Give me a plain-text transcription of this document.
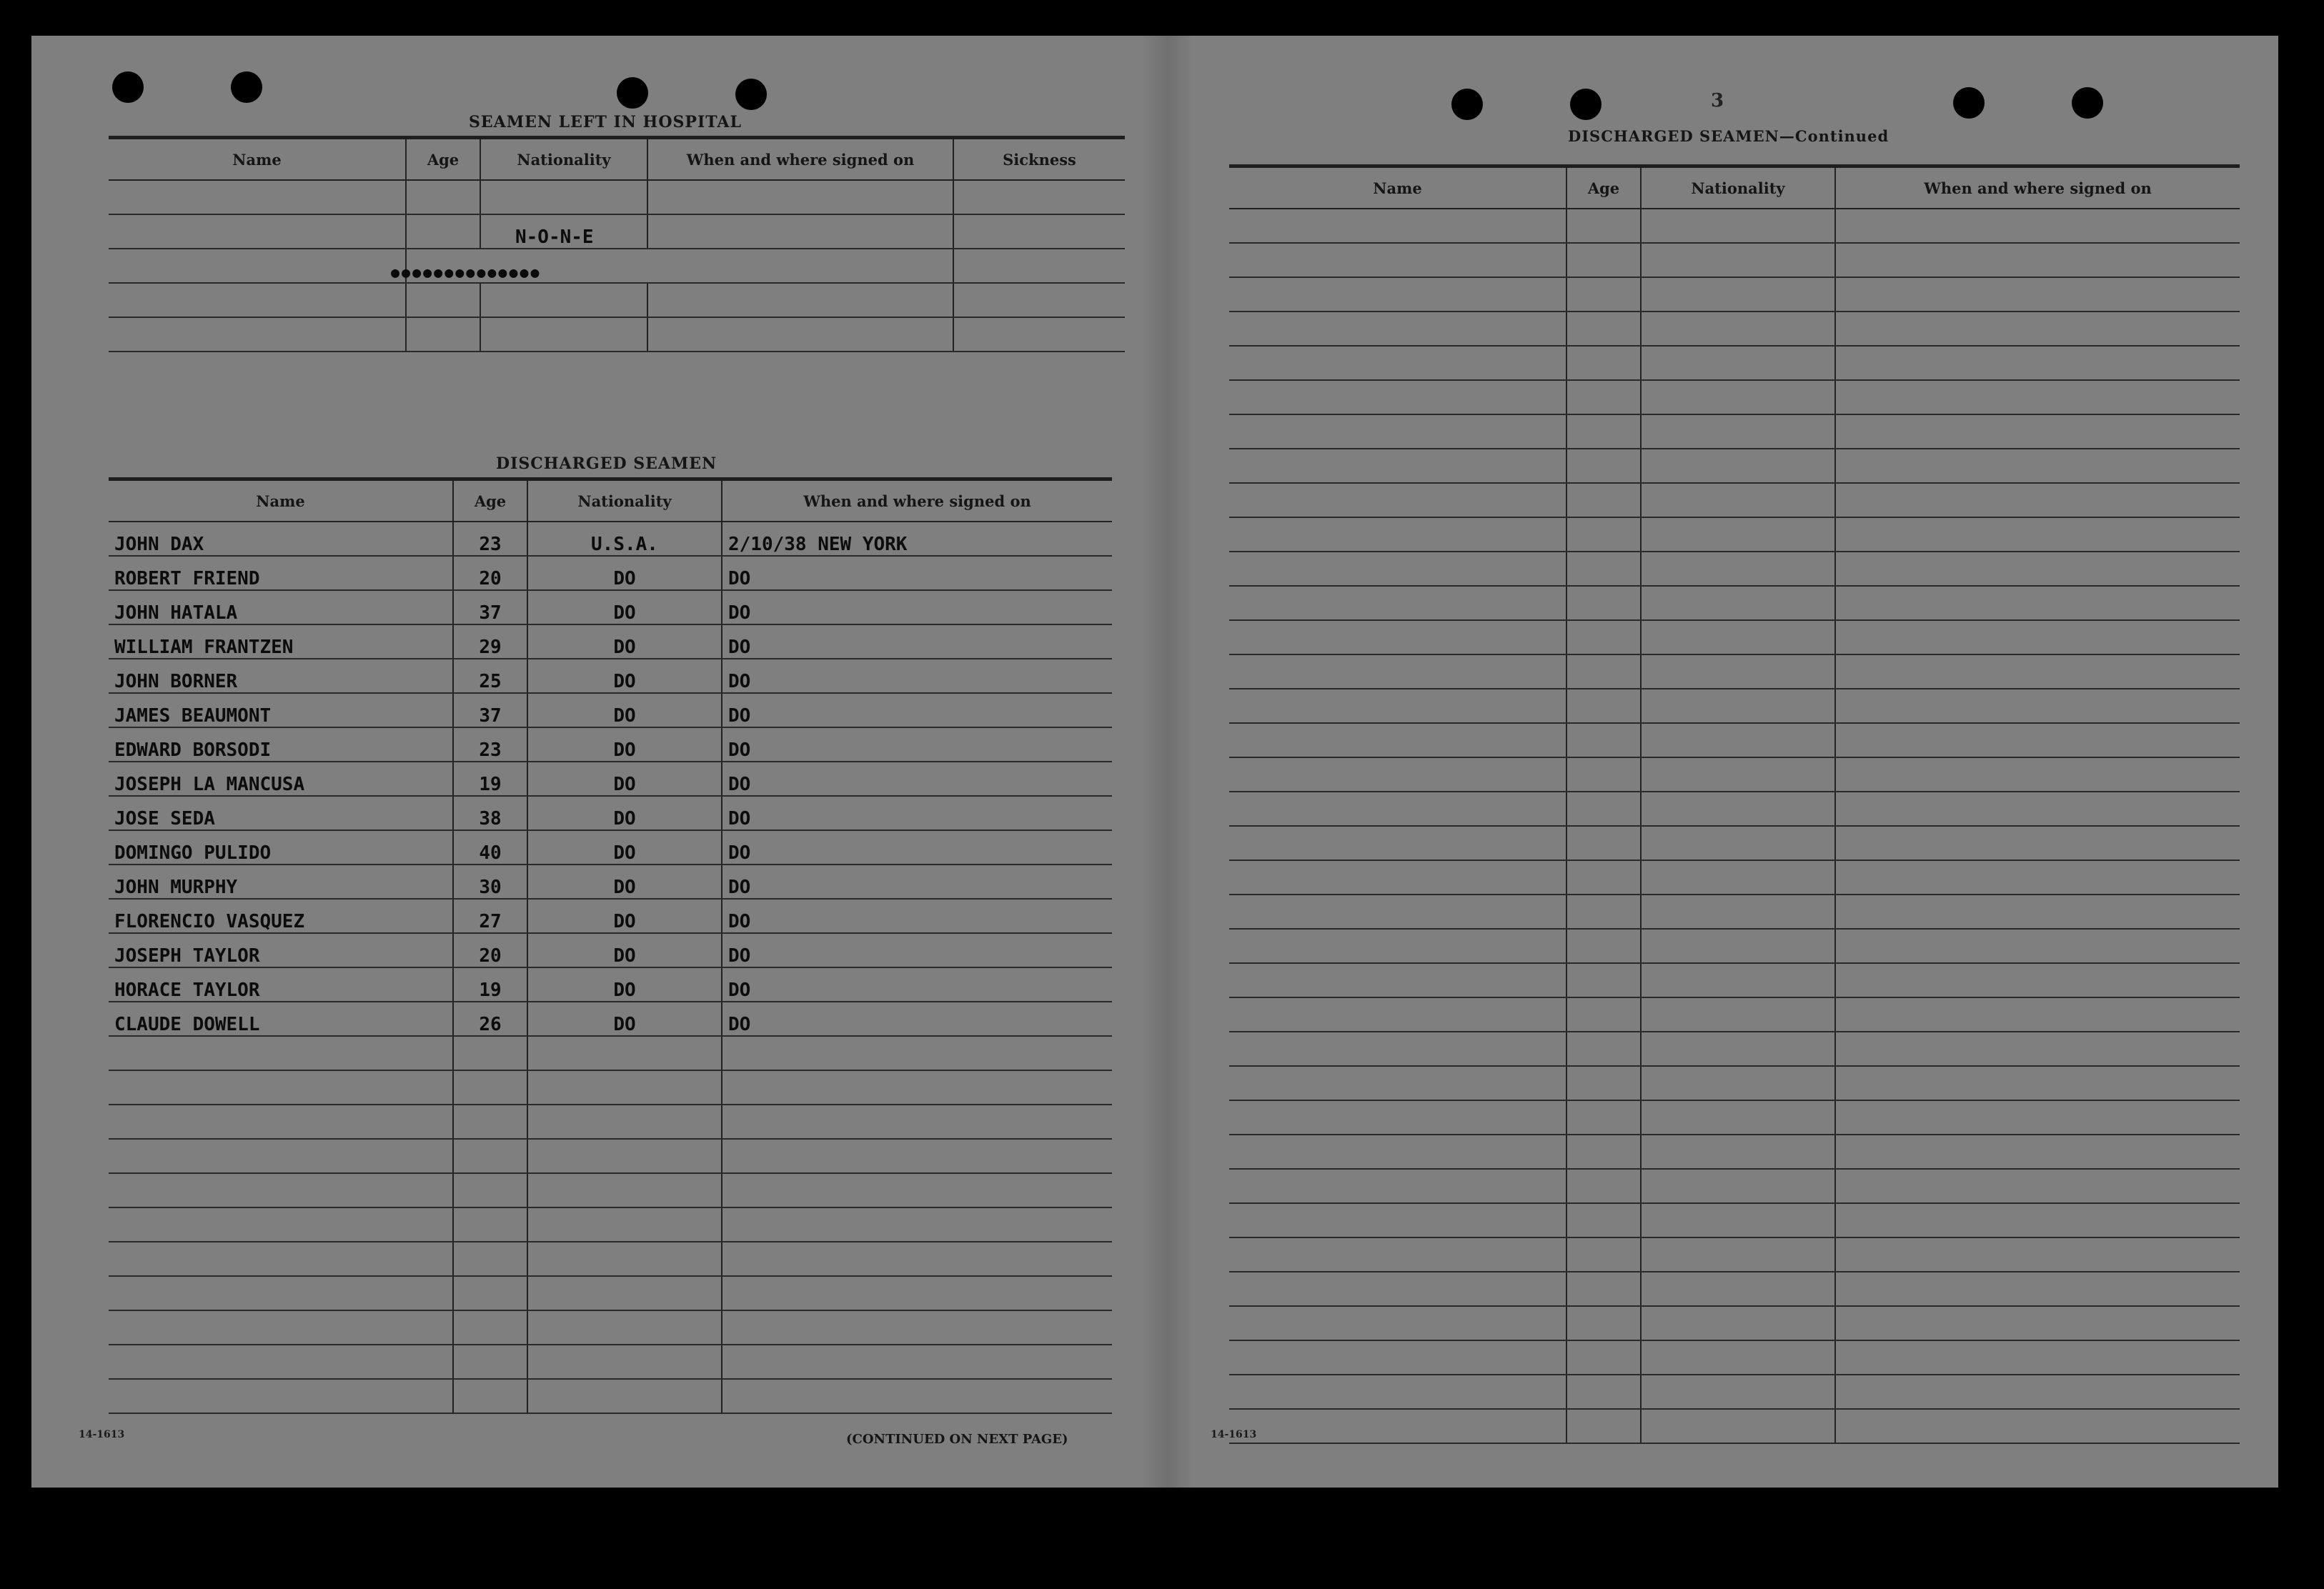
SEAMEN LEFT IN HOSPITAL
Name	Age	Nationality	When and where signed on	Sickness

		N-O-N-E		
	●●●●●●●●●●●●●●			

DISCHARGED SEAMEN
Name	Age	Nationality	When and where signed on
JOHN DAX	23	U.S.A.	2/10/38 NEW YORK
ROBERT FRIEND	20	DO	DO
JOHN HATALA	37	DO	DO
WILLIAM FRANTZEN	29	DO	DO
JOHN BORNER	25	DO	DO
JAMES BEAUMONT	37	DO	DO
EDWARD BORSODI	23	DO	DO
JOSEPH LA MANCUSA	19	DO	DO
JOSE SEDA	38	DO	DO
DOMINGO PULIDO	40	DO	DO
JOHN MURPHY	30	DO	DO
FLORENCIO VASQUEZ	27	DO	DO
JOSEPH TAYLOR	20	DO	DO
HORACE TAYLOR	19	DO	DO
CLAUDE DOWELL	26	DO	DO

14-1613	(CONTINUED ON NEXT PAGE)
3
DISCHARGED SEAMEN—Continued
Name	Age	Nationality	When and where signed on

14-1613
